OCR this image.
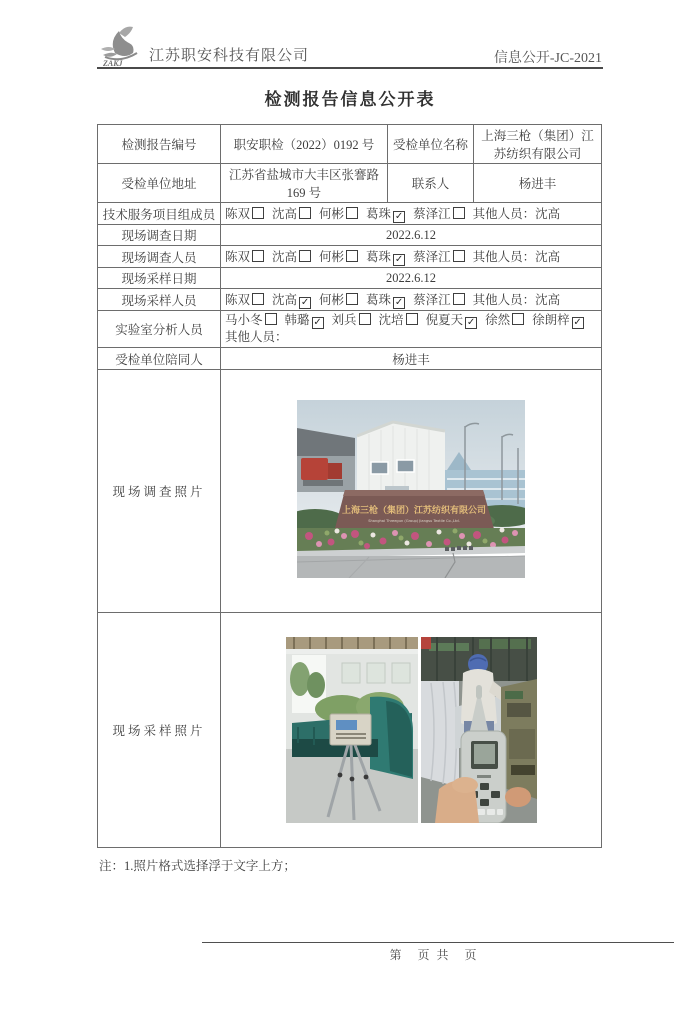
ZAKJ 江苏职安科技有限公司	信息公开-JC-2021
检测报告信息公开表
检测报告编号	职安职检（2022）0192 号	受检单位名称	上海三枪（集团）江苏纺织有限公司
受检单位地址	江苏省盐城市大丰区张謇路169 号	联系人	杨进丰
技术服务项目组成员	陈双 沈高 何彬 葛珠 ✓ 蔡泽江 其他人员：沈高		
现场调查日期	2022.6.12		
现场调查人员	陈双 沈高 何彬 葛珠 ✓ 蔡泽江 其他人员：沈高		
现场采样日期	2022.6.12		
现场采样人员	陈双 沈高 ✓ 何彬 葛珠 ✓ 蔡泽江 其他人员：沈高		
实验室分析人员	马小冬 韩璐 ✓ 刘兵 沈培 倪夏天 ✓ 徐然 徐朗梓 ✓
其他人员：		

受检单位陪同人	杨进丰		
现场调查照片	上海三枪（集团）江苏纺织有限公司
Shanghai Threegun (Group) Jiangsu Textile Co.,Ltd.		

现场采样照片	
注：1.照片格式选择浮于文字上方；
第　页 共　页
